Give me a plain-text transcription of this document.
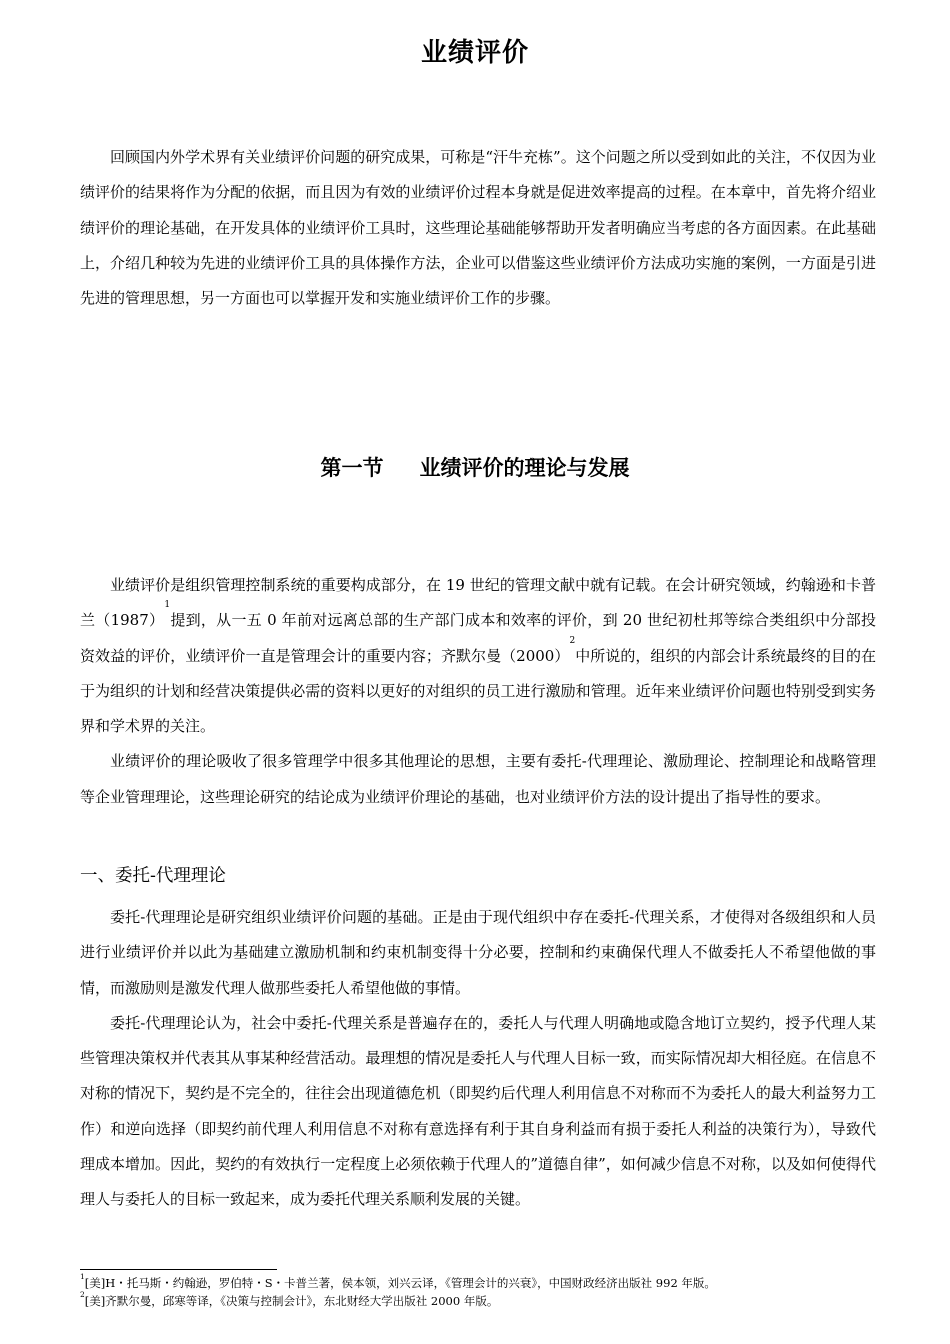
业绩评价

回顾国内外学术界有关业绩评价问题的研究成果，可称是“汗牛充栋”。这个问题之所以受到如此的关注，不仅因为业绩评价的结果将作为分配的依据，而且因为有效的业绩评价过程本身就是促进效率提高的过程。在本章中，首先将介绍业绩评价的理论基础，在开发具体的业绩评价工具时，这些理论基础能够帮助开发者明确应当考虑的各方面因素。在此基础上，介绍几种较为先进的业绩评价工具的具体操作方法，企业可以借鉴这些业绩评价方法成功实施的案例，一方面是引进先进的管理思想，另一方面也可以掌握开发和实施业绩评价工作的步骤。

第一节 业绩评价的理论与发展

业绩评价是组织管理控制系统的重要构成部分，在 19 世纪的管理文献中就有记载。在会计研究领域，约翰逊和卡普兰$(1987)^1$提到，从一五 0 年前对远离总部的生产部门成本和效率的评价，到 20 世纪初杜邦等综合类组织中分部投资效益的评价，业绩评价一直是管理会计的重要内容；齐默尔曼$(2000)^2$中所说的，组织的内部会计系统最终的目的在于为组织的计划和经营决策提供必需的资料以更好的对组织的员工进行激励和管理。近年来业绩评价问题也特别受到实务界和学术界的关注。

业绩评价的理论吸收了很多管理学中很多其他理论的思想，主要有委托-代理理论、激励理论、控制理论和战略管理等企业管理理论，这些理论研究的结论成为业绩评价理论的基础，也对业绩评价方法的设计提出了指导性的要求。

一、委托-代理理论

委托-代理理论是研究组织业绩评价问题的基础。正是由于现代组织中存在委托-代理关系，才使得对各级组织和人员进行业绩评价并以此为基础建立激励机制和约束机制变得十分必要，控制和约束确保代理人不做委托人不希望他做的事情，而激励则是激发代理人做那些委托人希望他做的事情。

委托-代理理论认为，社会中委托-代理关系是普遍存在的，委托人与代理人明确地或隐含地订立契约，授予代理人某些管理决策权并代表其从事某种经营活动。最理想的情况是委托人与代理人目标一致，而实际情况却大相径庭。在信息不对称的情况下，契约是不完全的，往往会出现道德危机（即契约后代理人利用信息不对称而不为委托人的最大利益努力工作）和逆向选择（即契约前代理人利用信息不对称有意选择有利于其自身利益而有损于委托人利益的决策行为），导致代理成本增加。因此，契约的有效执行一定程度上必须依赖于代理人的”道德自律”，如何减少信息不对称，以及如何使得代理人与委托人的目标一致起来，成为委托代理关系顺利发展的关键。

$^1$[美]H・托马斯・约翰逊，罗伯特・S・卡普兰著，侯本领，刘兴云译，《管理会计的兴衰》，中国财政经济出版社 992 年版。
$^2$[美]齐默尔曼，邱寒等译，《决策与控制会计》，东北财经大学出版社 2000 年版。
